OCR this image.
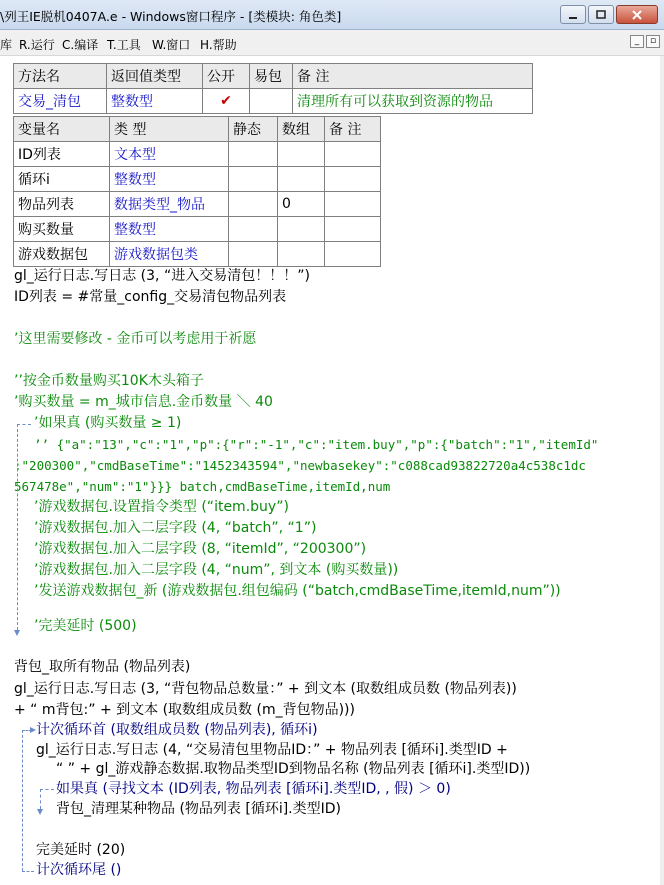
\列王IE脱机0407A.e - Windows窗口程序 - [类模块: 角色类]
库 R.运行 C.编译 T.工具 W.窗口 H.帮助	_	▫
方法名	返回值类型	公开	易包	备 注
交易_清包	整数型	✔		清理所有可以获取到资源的物品
变量名	类 型	静态	数组	备 注
ID列表	文本型			
循环i	整数型			
物品列表	数据类型_物品		0	
购买数量	整数型			
游戏数据包	游戏数据包类			
gl_运行日志.写日志 (3, “进入交易清包！！！”)
ID列表 = #常量_config_交易清包物品列表
’这里需要修改 - 金币可以考虑用于祈愿
’’按金币数量购买10K木头箱子
’购买数量 = m_城市信息.金币数量 ＼ 40
’如果真 (购买数量 ≥ 1)
’’ {"a":"13","c":"1","p":{"r":"-1","c":"item.buy","p":{"batch":"1","itemId"
:"200300","cmdBaseTime":"1452343594","newbasekey":"c088cad93822720a4c538c1dc
567478e","num":"1"}}} batch,cmdBaseTime,itemId,num
’游戏数据包.设置指令类型 (“item.buy”)
’游戏数据包.加入二层字段 (4, “batch”, “1”)
’游戏数据包.加入二层字段 (8, “itemId”, “200300”)
’游戏数据包.加入二层字段 (4, “num”, 到文本 (购买数量))
’发送游戏数据包_新 (游戏数据包.组包编码 (“batch,cmdBaseTime,itemId,num”))
’完美延时 (500)
背包_取所有物品 (物品列表)
gl_运行日志.写日志 (3, “背包物品总数量：” + 到文本 (取数组成员数 (物品列表))
+ “ m背包:” + 到文本 (取数组成员数 (m_背包物品)))
计次循环首 (取数组成员数 (物品列表), 循环i)
gl_运行日志.写日志 (4, “交易清包里物品ID：” + 物品列表 [循环i].类型ID +
“ ” + gl_游戏静态数据.取物品类型ID到物品名称 (物品列表 [循环i].类型ID))
如果真 (寻找文本 (ID列表, 物品列表 [循环i].类型ID, , 假) ＞ 0)
背包_清理某种物品 (物品列表 [循环i].类型ID)
完美延时 (20)
计次循环尾 ()
